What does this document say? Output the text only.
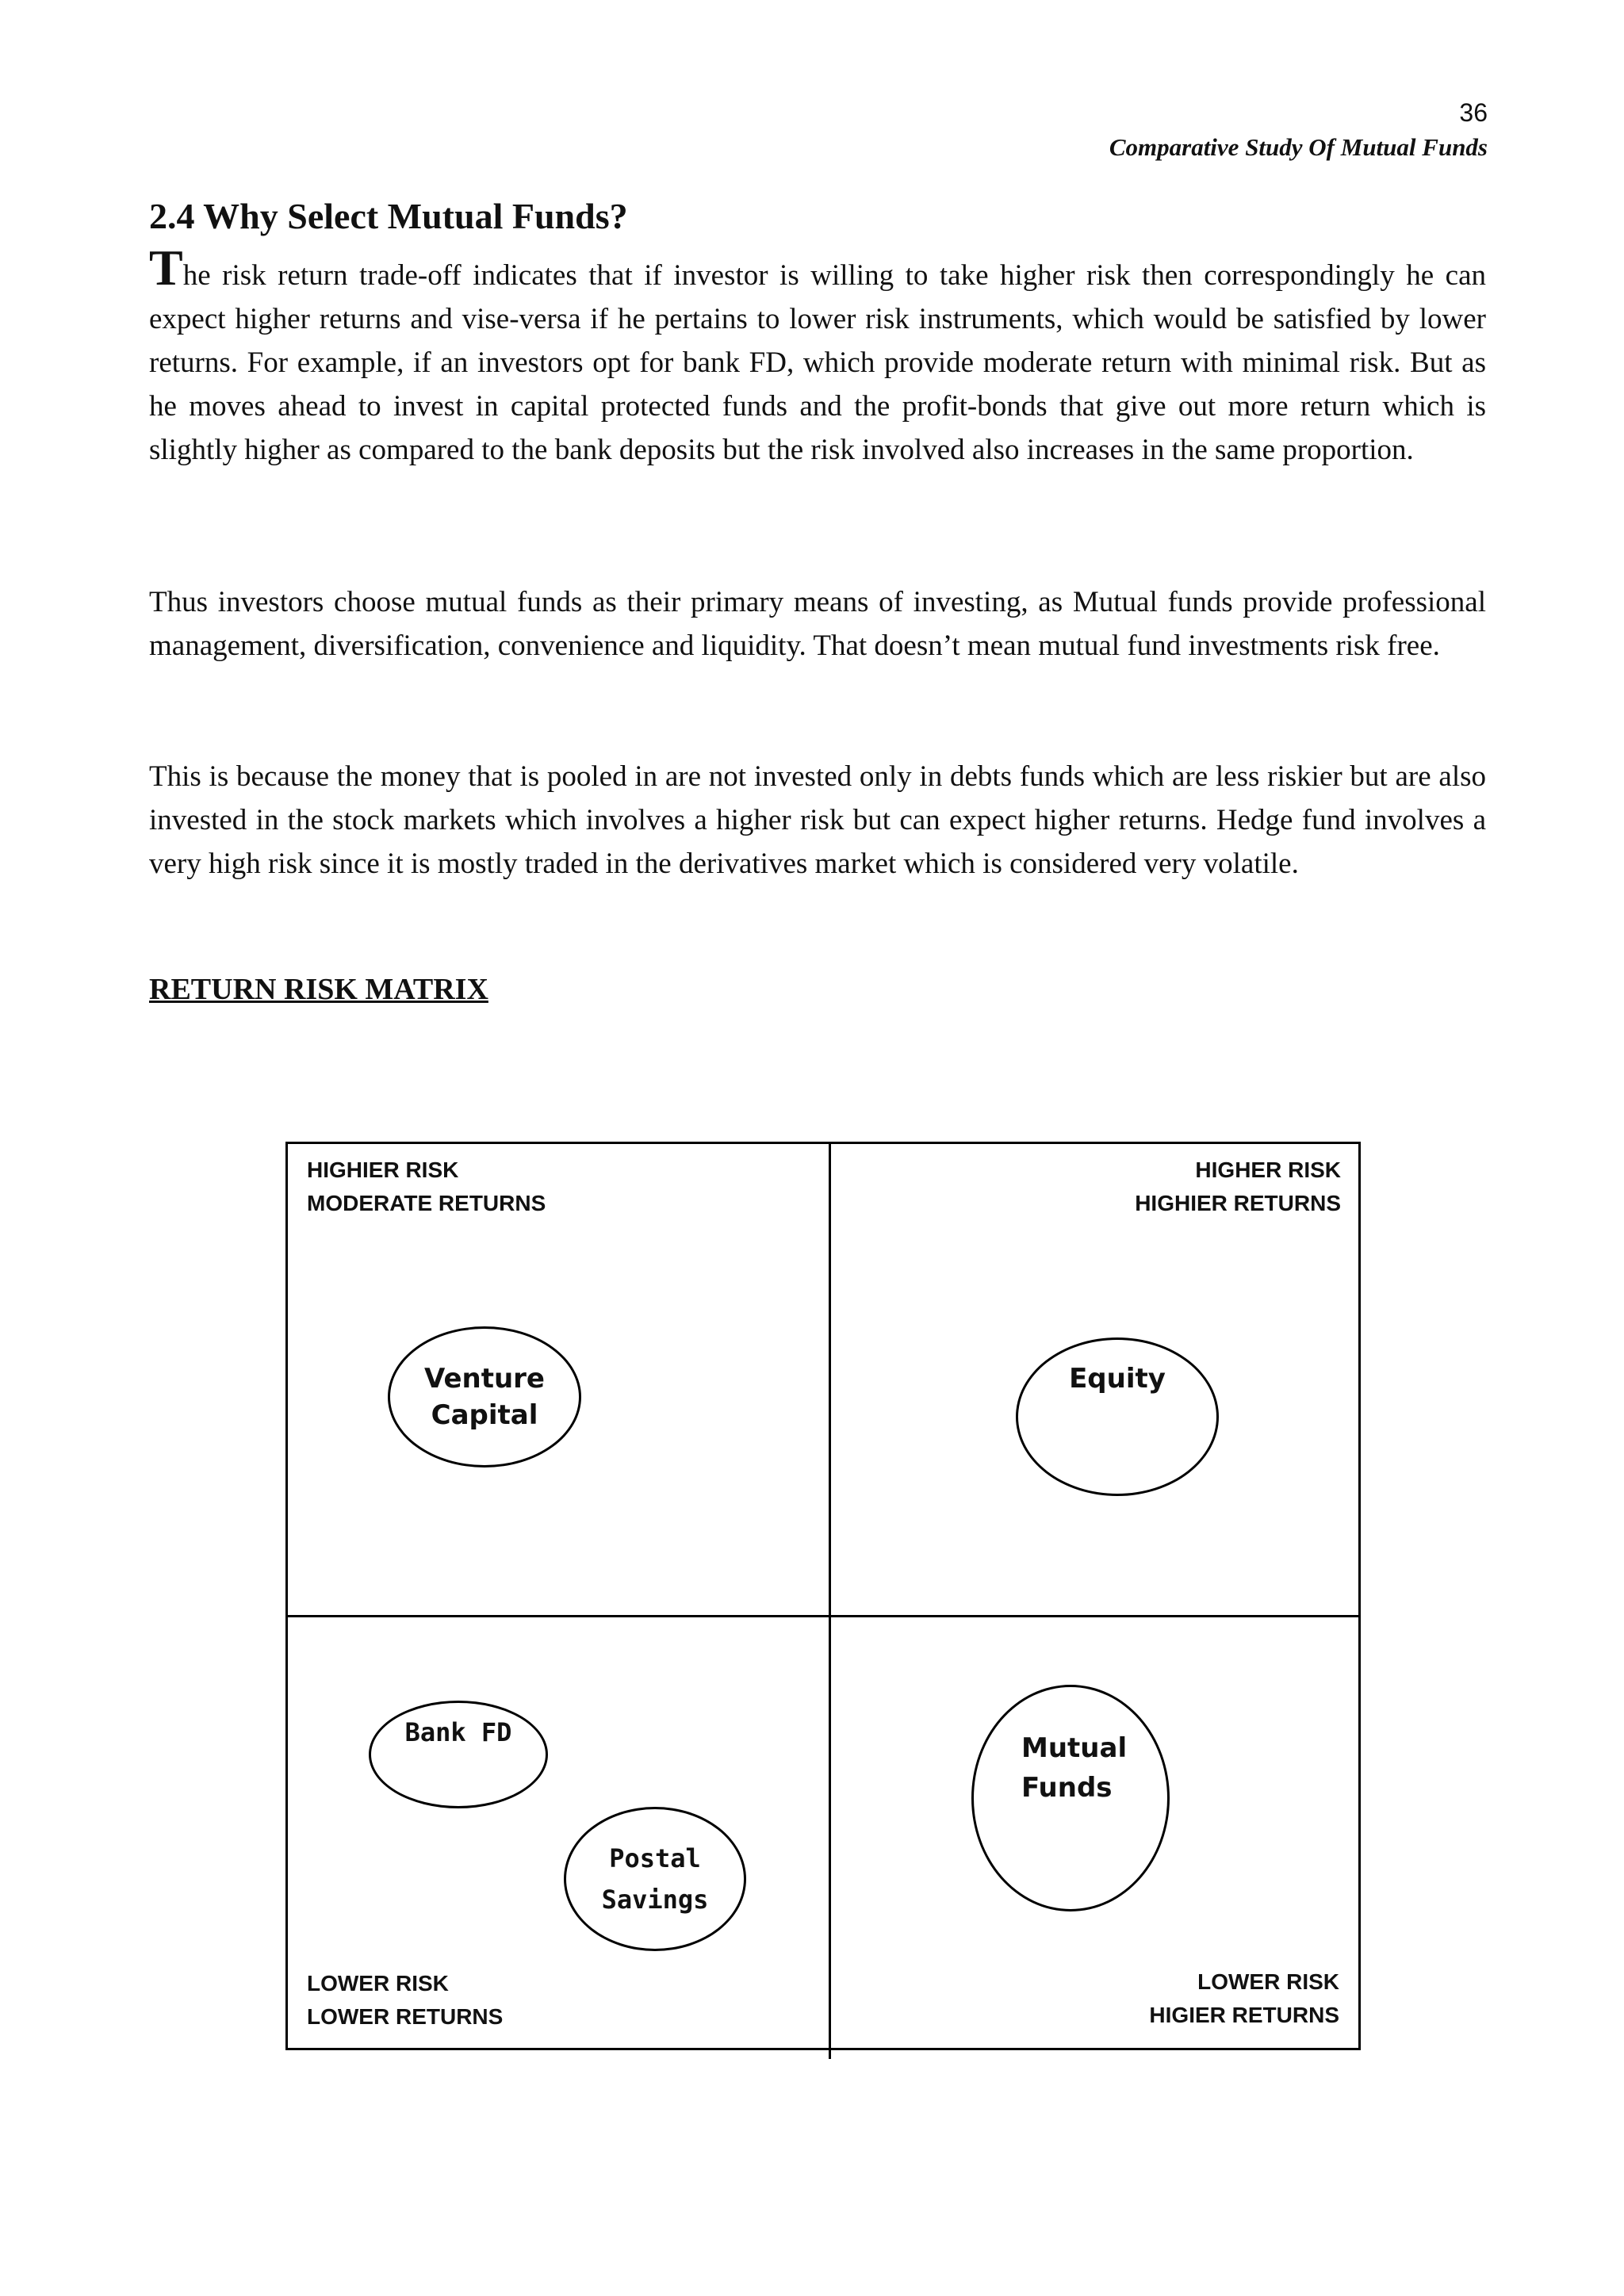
36
Comparative Study Of Mutual Funds
2.4 Why Select Mutual Funds?

The risk return trade-off indicates that if investor is willing to take higher risk then correspondingly he can expect higher returns and vise-versa if he pertains to lower risk instruments, which would be satisfied by lower returns. For example, if an investors opt for bank FD, which provide moderate return with minimal risk. But as he moves ahead to invest in capital protected funds and the profit-bonds that give out more return which is slightly higher as compared to the bank deposits but the risk involved also increases in the same proportion.

Thus investors choose mutual funds as their primary means of investing, as Mutual funds provide professional management, diversification, convenience and liquidity. That doesn’t mean mutual fund investments risk free.

This is because the money that is pooled in are not invested only in debts funds which are less riskier but are also invested in the stock markets which involves a higher risk but can expect higher returns. Hedge fund involves a very high risk since it is mostly traded in the derivatives market which is considered very volatile.

RETURN RISK MATRIX
HIGHIER RISK
MODERATE RETURNS
HIGHER RISK
HIGHIER RETURNS
LOWER RISK
LOWER RETURNS
LOWER RISK
HIGIER RETURNS
Venture
Capital
Equity
Bank FD
Postal
Savings
Mutual
Funds
